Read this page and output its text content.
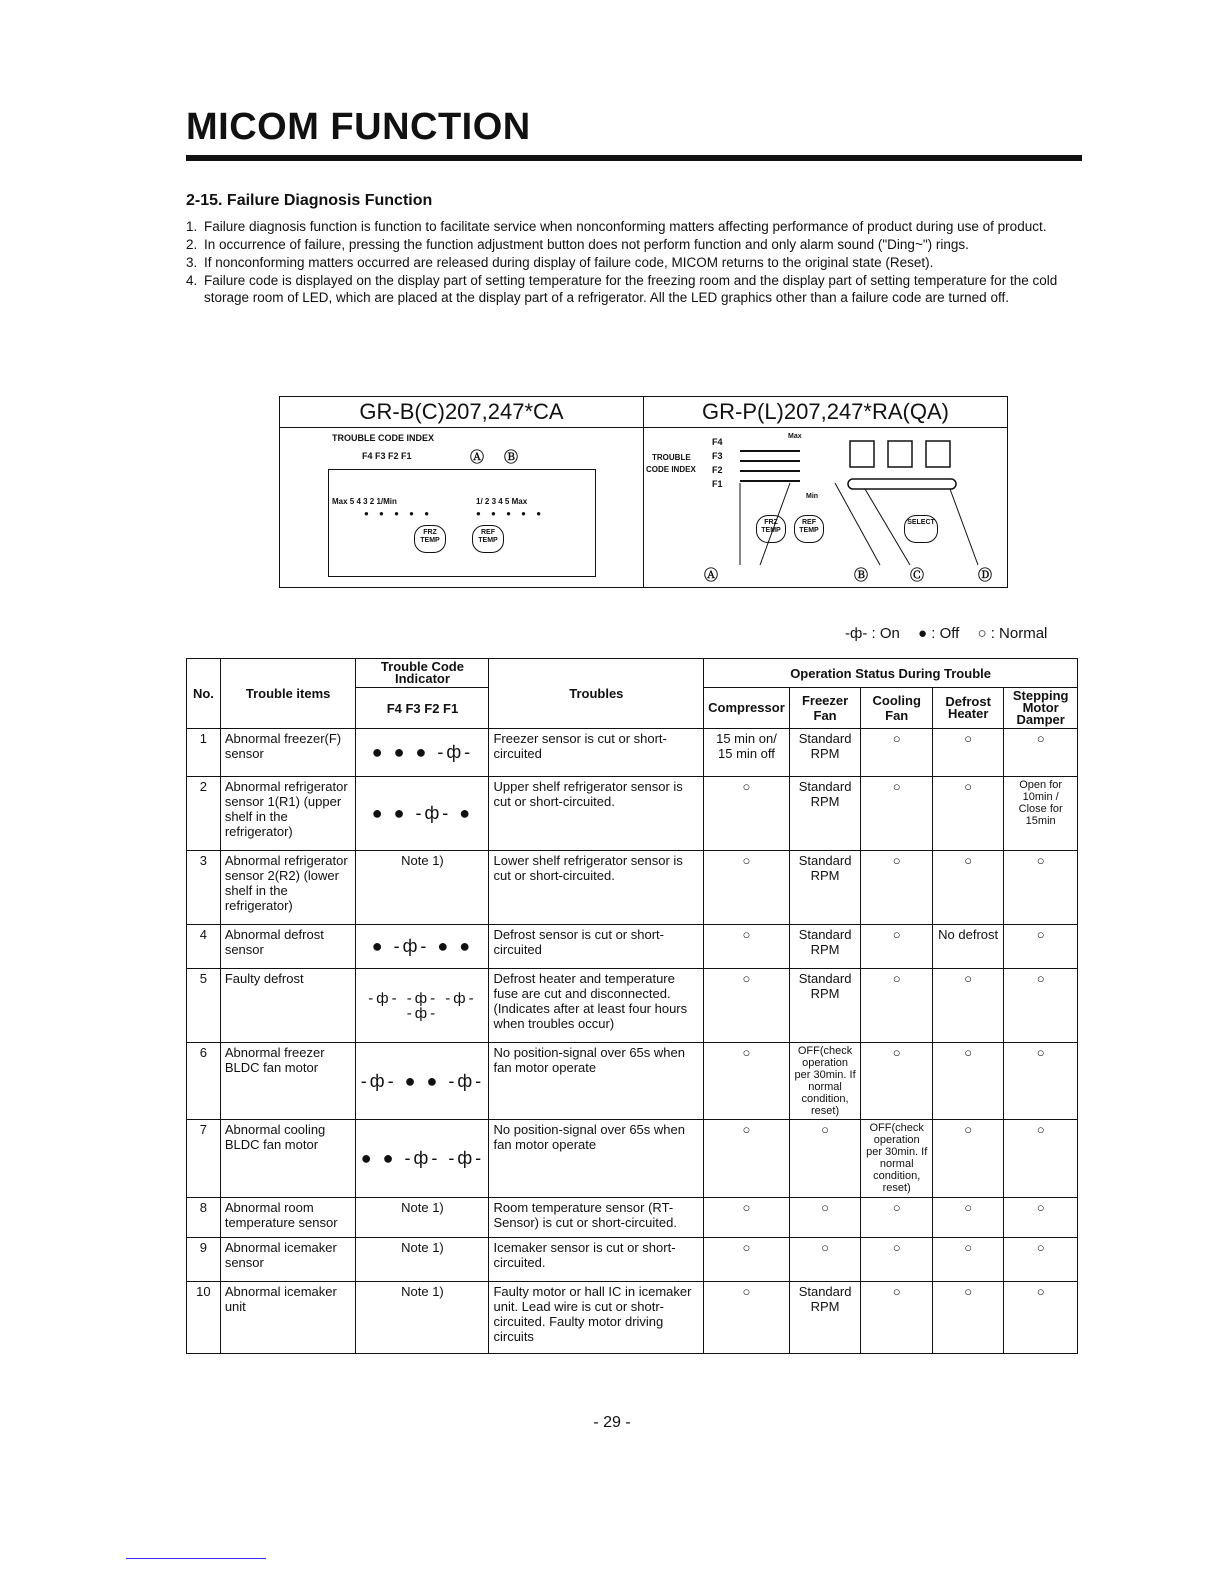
MICOM FUNCTION
2-15. Failure Diagnosis Function
1. Failure diagnosis function is function to facilitate service when nonconforming matters affecting performance of product during use of product.
2. In occurrence of failure, pressing the function adjustment button does not perform function and only alarm sound ("Ding~") rings.
3. If nonconforming matters occurred are released during display of failure code, MICOM returns to the original state (Reset).
4. Failure code is displayed on the display part of setting temperature for the freezing room and the display part of setting temperature for the cold storage room of LED, which are placed at the display part of a refrigerator. All the LED graphics other than a failure code are turned off.
GR-B(C)207,247*CA	GR-P(L)207,247*RA(QA)
TROUBLE CODE INDEX
F4 F3 F2 F1	Ⓐ Ⓑ
Max 5 4 3 2 1/Min	1/ 2 3 4 5 Max
● ● ● ● ●	● ● ● ● ●
FRZ TEMP
REF TEMP
TROUBLE
CODE INDEX
F4
F3
F2
F1
Max
Min
FRZ TEMP
REF TEMP
SELECT
Ⓐ	Ⓑ	Ⓒ	Ⓓ
-ф- : On ● : Off ○ : Normal
No.	Trouble items	Trouble Code Indicator	Troubles	Operation Status During Trouble				
		F4 F3 F2 F1		Compressor	Freezer Fan	Cooling Fan	Defrost Heater	Stepping Motor Damper
1	Abnormal freezer(F) sensor	● ● ● -ф-	Freezer sensor is cut or short-circuited	15 min on/ 15 min off	Standard RPM	○	○	○
2	Abnormal refrigerator sensor 1(R1) (upper shelf in the refrigerator)	● ● -ф- ●	Upper shelf refrigerator sensor is cut or short-circuited.	○	Standard RPM	○	○	Open for 10min / Close for 15min
3	Abnormal refrigerator sensor 2(R2) (lower shelf in the refrigerator)	Note 1)	Lower shelf refrigerator sensor is cut or short-circuited.	○	Standard RPM	○	○	○
4	Abnormal defrost sensor	● -ф- ● ●	Defrost sensor is cut or short-circuited	○	Standard RPM	○	No defrost	○
5	Faulty defrost	-ф- -ф- -ф- -ф-	Defrost heater and temperature fuse are cut and disconnected. (Indicates after at least four hours when troubles occur)	○	Standard RPM	○	○	○
6	Abnormal freezer BLDC fan motor	-ф- ● ● -ф-	No position-signal over 65s when fan motor operate	○	OFF(check operation per 30min. If normal condition, reset)	○	○	○
7	Abnormal cooling BLDC fan motor	● ● -ф- -ф-	No position-signal over 65s when fan motor operate	○	○	OFF(check operation per 30min. If normal condition, reset)	○	○
8	Abnormal room temperature sensor	Note 1)	Room temperature sensor (RT-Sensor) is cut or short-circuited.	○	○	○	○	○
9	Abnormal icemaker sensor	Note 1)	Icemaker sensor is cut or short-circuited.	○	○	○	○	○
10	Abnormal icemaker unit	Note 1)	Faulty motor or hall IC in icemaker unit. Lead wire is cut or shotr-circuited. Faulty motor driving circuits	○	Standard RPM	○	○	○
- 29 -
